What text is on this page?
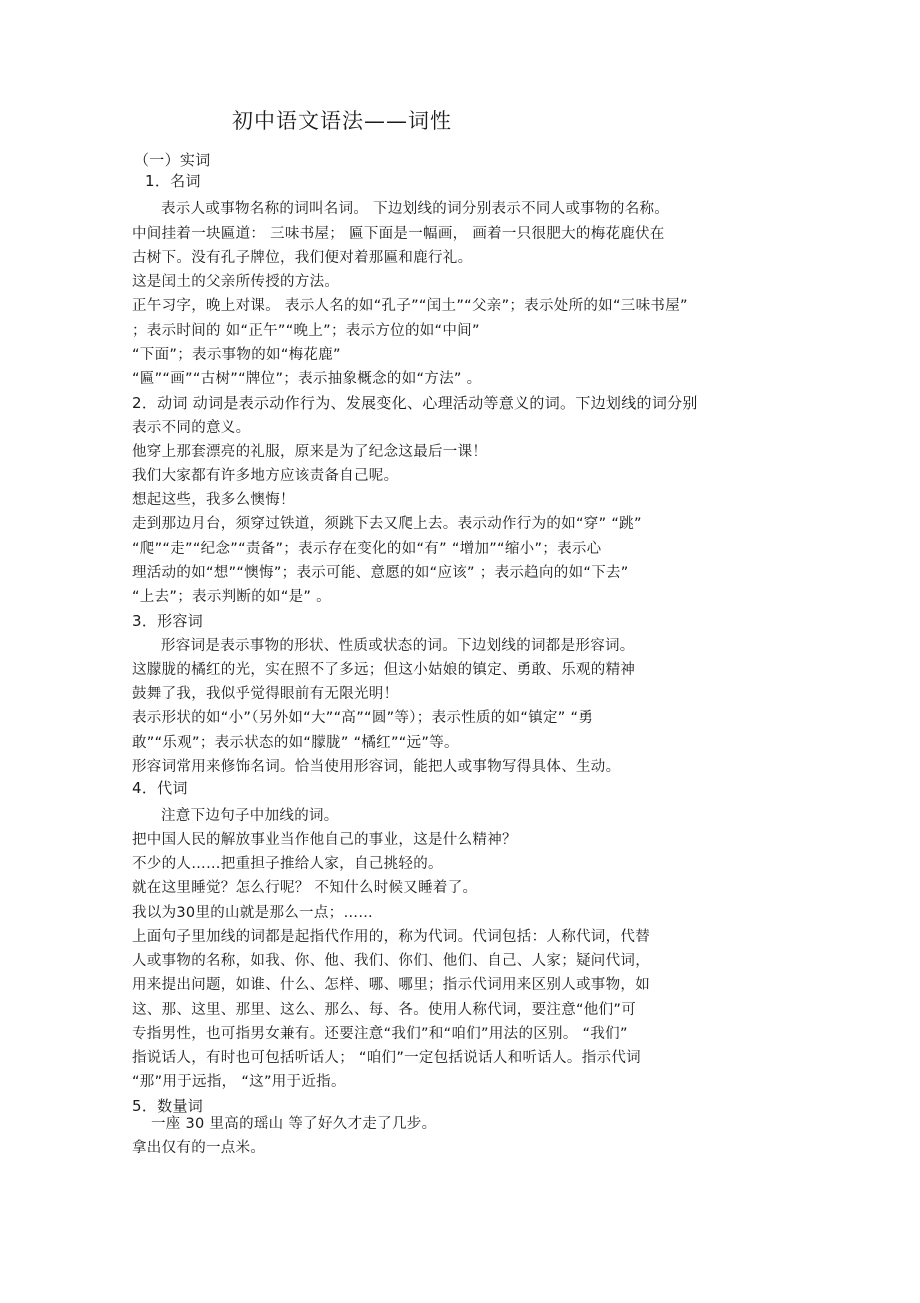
初中语文语法——词性
（一）实词
1．名词
表示人或事物名称的词叫名词。 下边划线的词分别表示不同人或事物的名称。
中间挂着一块匾道： 三味书屋； 匾下面是一幅画， 画着一只很肥大的梅花鹿伏在
古树下。没有孔子牌位，我们便对着那匾和鹿行礼。
这是闰土的父亲所传授的方法。
正午习字，晚上对课。 表示人名的如“孔子”“闰土”“父亲”；表示处所的如“三味书屋”
；表示时间的 如“正午”“晚上”；表示方位的如“中间”
“下面”；表示事物的如“梅花鹿”
“匾”“画”“古树”“牌位”；表示抽象概念的如“方法” 。
2．动词 动词是表示动作行为、发展变化、心理活动等意义的词。下边划线的词分别
表示不同的意义。
他穿上那套漂亮的礼服，原来是为了纪念这最后一课！
我们大家都有许多地方应该责备自己呢。
想起这些，我多么懊悔！
走到那边月台，须穿过铁道，须跳下去又爬上去。表示动作行为的如“穿” “跳”
“爬”“走”“纪念”“责备”；表示存在变化的如“有” “增加”“缩小”；表示心
理活动的如“想”“懊悔”；表示可能、意愿的如“应该” ；表示趋向的如“下去”
“上去”；表示判断的如“是” 。
3．形容词
形容词是表示事物的形状、性质或状态的词。下边划线的词都是形容词。
这朦胧的橘红的光，实在照不了多远；但这小姑娘的镇定、勇敢、乐观的精神
鼓舞了我，我似乎觉得眼前有无限光明！
表示形状的如“小”（另外如“大”“高”“圆”等）；表示性质的如“镇定” “勇
敢”“乐观”；表示状态的如“朦胧” “橘红”“远”等。
形容词常用来修饰名词。恰当使用形容词，能把人或事物写得具体、生动。
4．代词
注意下边句子中加线的词。
把中国人民的解放事业当作他自己的事业，这是什么精神？
不少的人……把重担子推给人家，自己挑轻的。
就在这里睡觉？怎么行呢？ 不知什么时候又睡着了。
我以为30里的山就是那么一点；……
上面句子里加线的词都是起指代作用的，称为代词。代词包括：人称代词，代替
人或事物的名称，如我、你、他、我们、你们、他们、自己、人家；疑问代词，
用来提出问题，如谁、什么、怎样、哪、哪里；指示代词用来区别人或事物，如
这、那、这里、那里、这么、那么、每、各。使用人称代词，要注意“他们”可
专指男性，也可指男女兼有。还要注意“我们”和“咱们”用法的区别。 “我们”
指说话人，有时也可包括听话人； “咱们”一定包括说话人和听话人。指示代词
“那”用于远指， “这”用于近指。
5．数量词
一座 30 里高的瑶山 等了好久才走了几步。
拿出仅有的一点米。
